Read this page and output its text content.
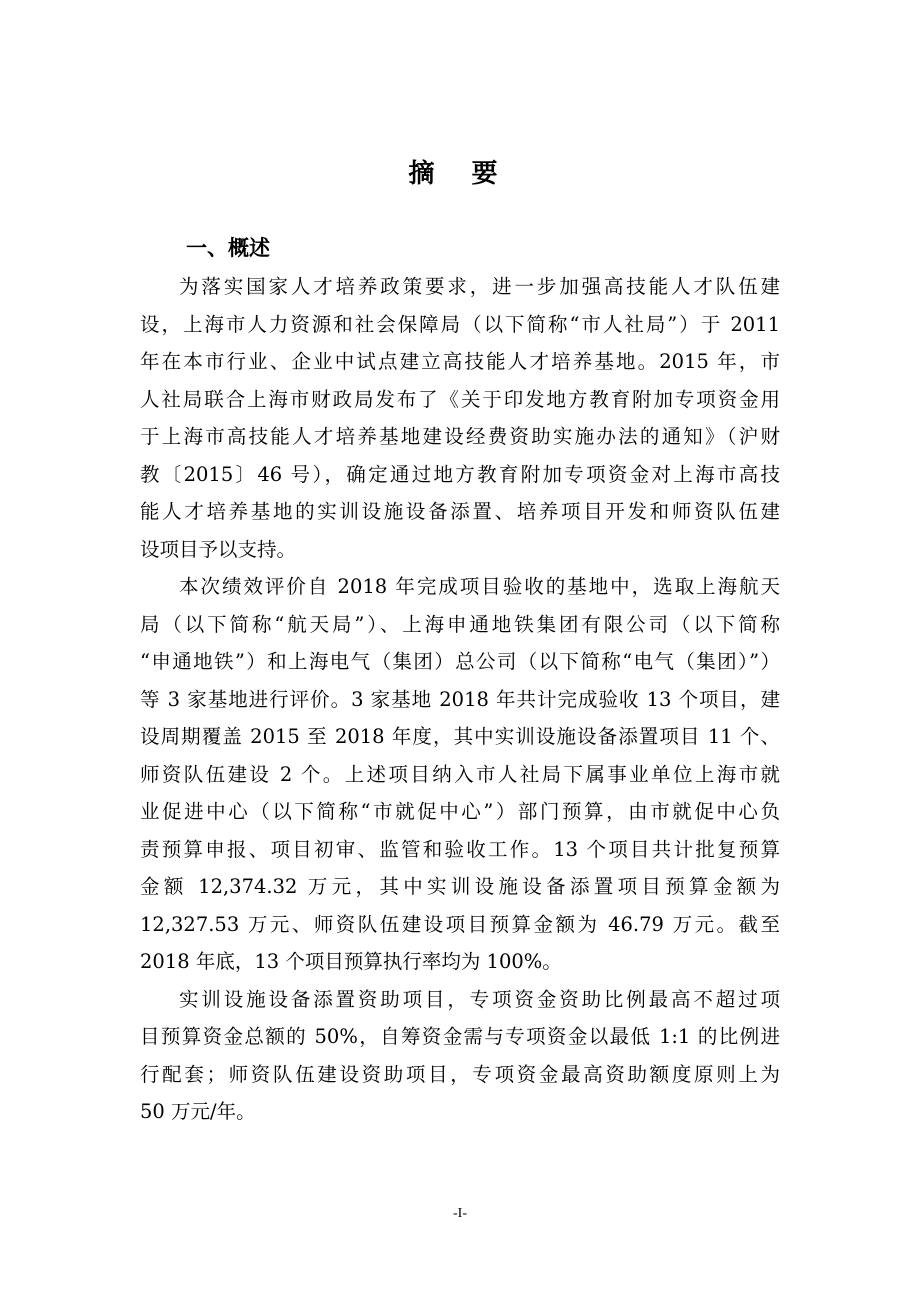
摘 要
一、概述

为落实国家人才培养政策要求，进一步加强高技能人才队伍建
设，上海市人力资源和社会保障局（以下简称“市人社局”）于 2011
年在本市行业、企业中试点建立高技能人才培养基地。2015 年，市
人社局联合上海市财政局发布了《关于印发地方教育附加专项资金用
于上海市高技能人才培养基地建设经费资助实施办法的通知》（沪财
教〔2015〕46 号），确定通过地方教育附加专项资金对上海市高技
能人才培养基地的实训设施设备添置、培养项目开发和师资队伍建
设项目予以支持。

本次绩效评价自 2018 年完成项目验收的基地中，选取上海航天
局（以下简称“航天局”）、上海申通地铁集团有限公司（以下简称
“申通地铁”）和上海电气（集团）总公司（以下简称“电气（集团）”）
等 3 家基地进行评价。3 家基地 2018 年共计完成验收 13 个项目，建
设周期覆盖 2015 至 2018 年度，其中实训设施设备添置项目 11 个、
师资队伍建设 2 个。上述项目纳入市人社局下属事业单位上海市就
业促进中心（以下简称“市就促中心”）部门预算，由市就促中心负
责预算申报、项目初审、监管和验收工作。13 个项目共计批复预算
金额 12,374.32 万元，其中实训设施设备添置项目预算金额为
12,327.53 万元、师资队伍建设项目预算金额为 46.79 万元。截至
2018 年底，13 个项目预算执行率均为 100%。

实训设施设备添置资助项目，专项资金资助比例最高不超过项
目预算资金总额的 50%，自筹资金需与专项资金以最低 1:1 的比例进
行配套；师资队伍建设资助项目，专项资金最高资助额度原则上为
50 万元/年。

-I-
